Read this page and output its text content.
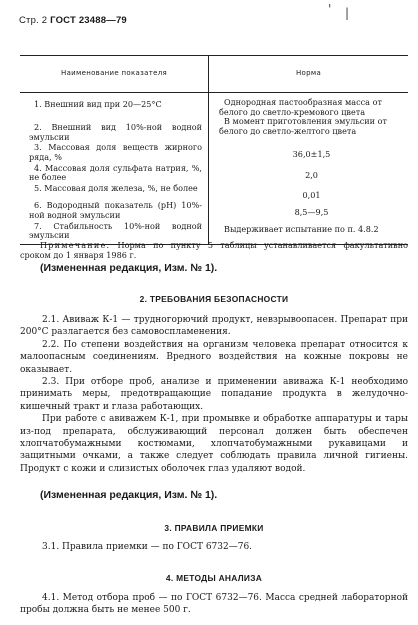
Стр. 2 ГОСТ 23488—79
' |
Наименование показателя	Норма

1. Внешний вид при 20—25°С	Однородная пастообразная масса от белого до светло-кремового цвета

2. Внешний вид 10%-ной водной эмульсии	В момент приготовления эмульсии от белого до светло-желтого цвета

3. Массовая доля веществ жирного ряда, %	36,0±1,5

4. Массовая доля сульфата натрия, %, не более	2,0

5. Массовая доля железа, %, не более	0,01

6. Водородный показатель (pH) 10%-ной водной эмульсии	8,5—9,5

7. Стабильность 10%-ной водной эмульсии	Выдерживает испытание по п. 4.8.2

Примечание. Норма по пункту 5 таблицы устанавливается факультативно сроком до 1 января 1986 г.

(Измененная редакция, Изм. № 1).
2. ТРЕБОВАНИЯ БЕЗОПАСНОСТИ

2.1. Авиваж К-1 — трудногорючий продукт, невзрывоопасен. Препарат при 200°С разлагается без самовоспламенения.

2.2. По степени воздействия на организм человека препарат относится к малоопасным соединениям. Вредного воздействия на кожные покровы не оказывает.

2.3. При отборе проб, анализе и применении авиважа К-1 необходимо принимать меры, предотвращающие попадание продукта в желудочно-кишечный тракт и глаза работающих.

При работе с авиважем К-1, при промывке и обработке аппаратуры и тары из-под препарата, обслуживающий персонал должен быть обеспечен хлопчатобумажными костюмами, хлопчатобумажными рукавицами и защитными очками, а также следует соблюдать правила личной гигиены. Продукт с кожи и слизистых оболочек глаз удаляют водой.

(Измененная редакция, Изм. № 1).
3. ПРАВИЛА ПРИЕМКИ

3.1. Правила приемки — по ГОСТ 6732—76.

4. МЕТОДЫ АНАЛИЗА

4.1. Метод отбора проб — по ГОСТ 6732—76. Масса средней лабораторной пробы должна быть не менее 500 г.
